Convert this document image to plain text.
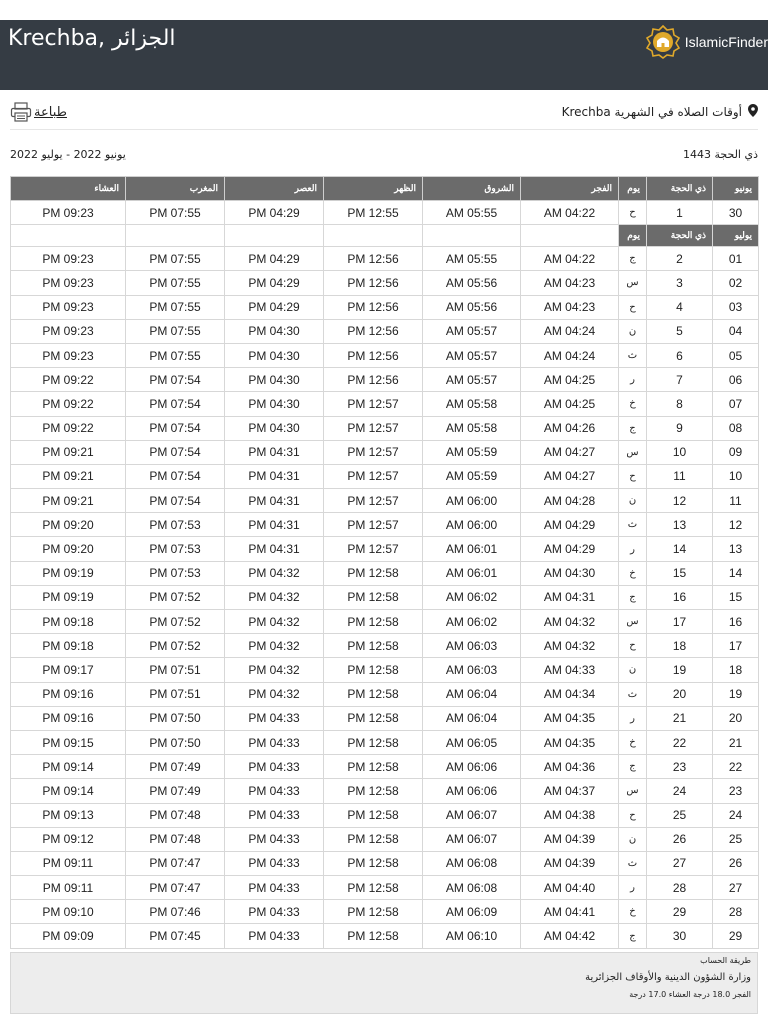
Krechba, الجزائر	IslamicFinder
طباعة	أوقات الصلاه في الشهرية Krechba
يونيو 2022 - يوليو 2022	ذي الحجة 1443
يونيو	ذي الحجة	يوم	الفجر	الشروق	الظهر	العصر	المغرب	العشاء
30	1	ح	04:22 AM	05:55 AM	12:55 PM	04:29 PM	07:55 PM	09:23 PM
يوليو	ذي الحجة	يوم						
01	2	ج	04:22 AM	05:55 AM	12:56 PM	04:29 PM	07:55 PM	09:23 PM
02	3	س	04:23 AM	05:56 AM	12:56 PM	04:29 PM	07:55 PM	09:23 PM
03	4	ح	04:23 AM	05:56 AM	12:56 PM	04:29 PM	07:55 PM	09:23 PM
04	5	ن	04:24 AM	05:57 AM	12:56 PM	04:30 PM	07:55 PM	09:23 PM
05	6	ث	04:24 AM	05:57 AM	12:56 PM	04:30 PM	07:55 PM	09:23 PM
06	7	ر	04:25 AM	05:57 AM	12:56 PM	04:30 PM	07:54 PM	09:22 PM
07	8	خ	04:25 AM	05:58 AM	12:57 PM	04:30 PM	07:54 PM	09:22 PM
08	9	ج	04:26 AM	05:58 AM	12:57 PM	04:30 PM	07:54 PM	09:22 PM
09	10	س	04:27 AM	05:59 AM	12:57 PM	04:31 PM	07:54 PM	09:21 PM
10	11	ح	04:27 AM	05:59 AM	12:57 PM	04:31 PM	07:54 PM	09:21 PM
11	12	ن	04:28 AM	06:00 AM	12:57 PM	04:31 PM	07:54 PM	09:21 PM
12	13	ث	04:29 AM	06:00 AM	12:57 PM	04:31 PM	07:53 PM	09:20 PM
13	14	ر	04:29 AM	06:01 AM	12:57 PM	04:31 PM	07:53 PM	09:20 PM
14	15	خ	04:30 AM	06:01 AM	12:58 PM	04:32 PM	07:53 PM	09:19 PM
15	16	ج	04:31 AM	06:02 AM	12:58 PM	04:32 PM	07:52 PM	09:19 PM
16	17	س	04:32 AM	06:02 AM	12:58 PM	04:32 PM	07:52 PM	09:18 PM
17	18	ح	04:32 AM	06:03 AM	12:58 PM	04:32 PM	07:52 PM	09:18 PM
18	19	ن	04:33 AM	06:03 AM	12:58 PM	04:32 PM	07:51 PM	09:17 PM
19	20	ث	04:34 AM	06:04 AM	12:58 PM	04:32 PM	07:51 PM	09:16 PM
20	21	ر	04:35 AM	06:04 AM	12:58 PM	04:33 PM	07:50 PM	09:16 PM
21	22	خ	04:35 AM	06:05 AM	12:58 PM	04:33 PM	07:50 PM	09:15 PM
22	23	ج	04:36 AM	06:06 AM	12:58 PM	04:33 PM	07:49 PM	09:14 PM
23	24	س	04:37 AM	06:06 AM	12:58 PM	04:33 PM	07:49 PM	09:14 PM
24	25	ح	04:38 AM	06:07 AM	12:58 PM	04:33 PM	07:48 PM	09:13 PM
25	26	ن	04:39 AM	06:07 AM	12:58 PM	04:33 PM	07:48 PM	09:12 PM
26	27	ث	04:39 AM	06:08 AM	12:58 PM	04:33 PM	07:47 PM	09:11 PM
27	28	ر	04:40 AM	06:08 AM	12:58 PM	04:33 PM	07:47 PM	09:11 PM
28	29	خ	04:41 AM	06:09 AM	12:58 PM	04:33 PM	07:46 PM	09:10 PM
29	30	ج	04:42 AM	06:10 AM	12:58 PM	04:33 PM	07:45 PM	09:09 PM
طريقة الحساب
وزارة الشؤون الدينية والأوقاف الجزائرية
الفجر 18.0 درجة العشاء 17.0 درجة
